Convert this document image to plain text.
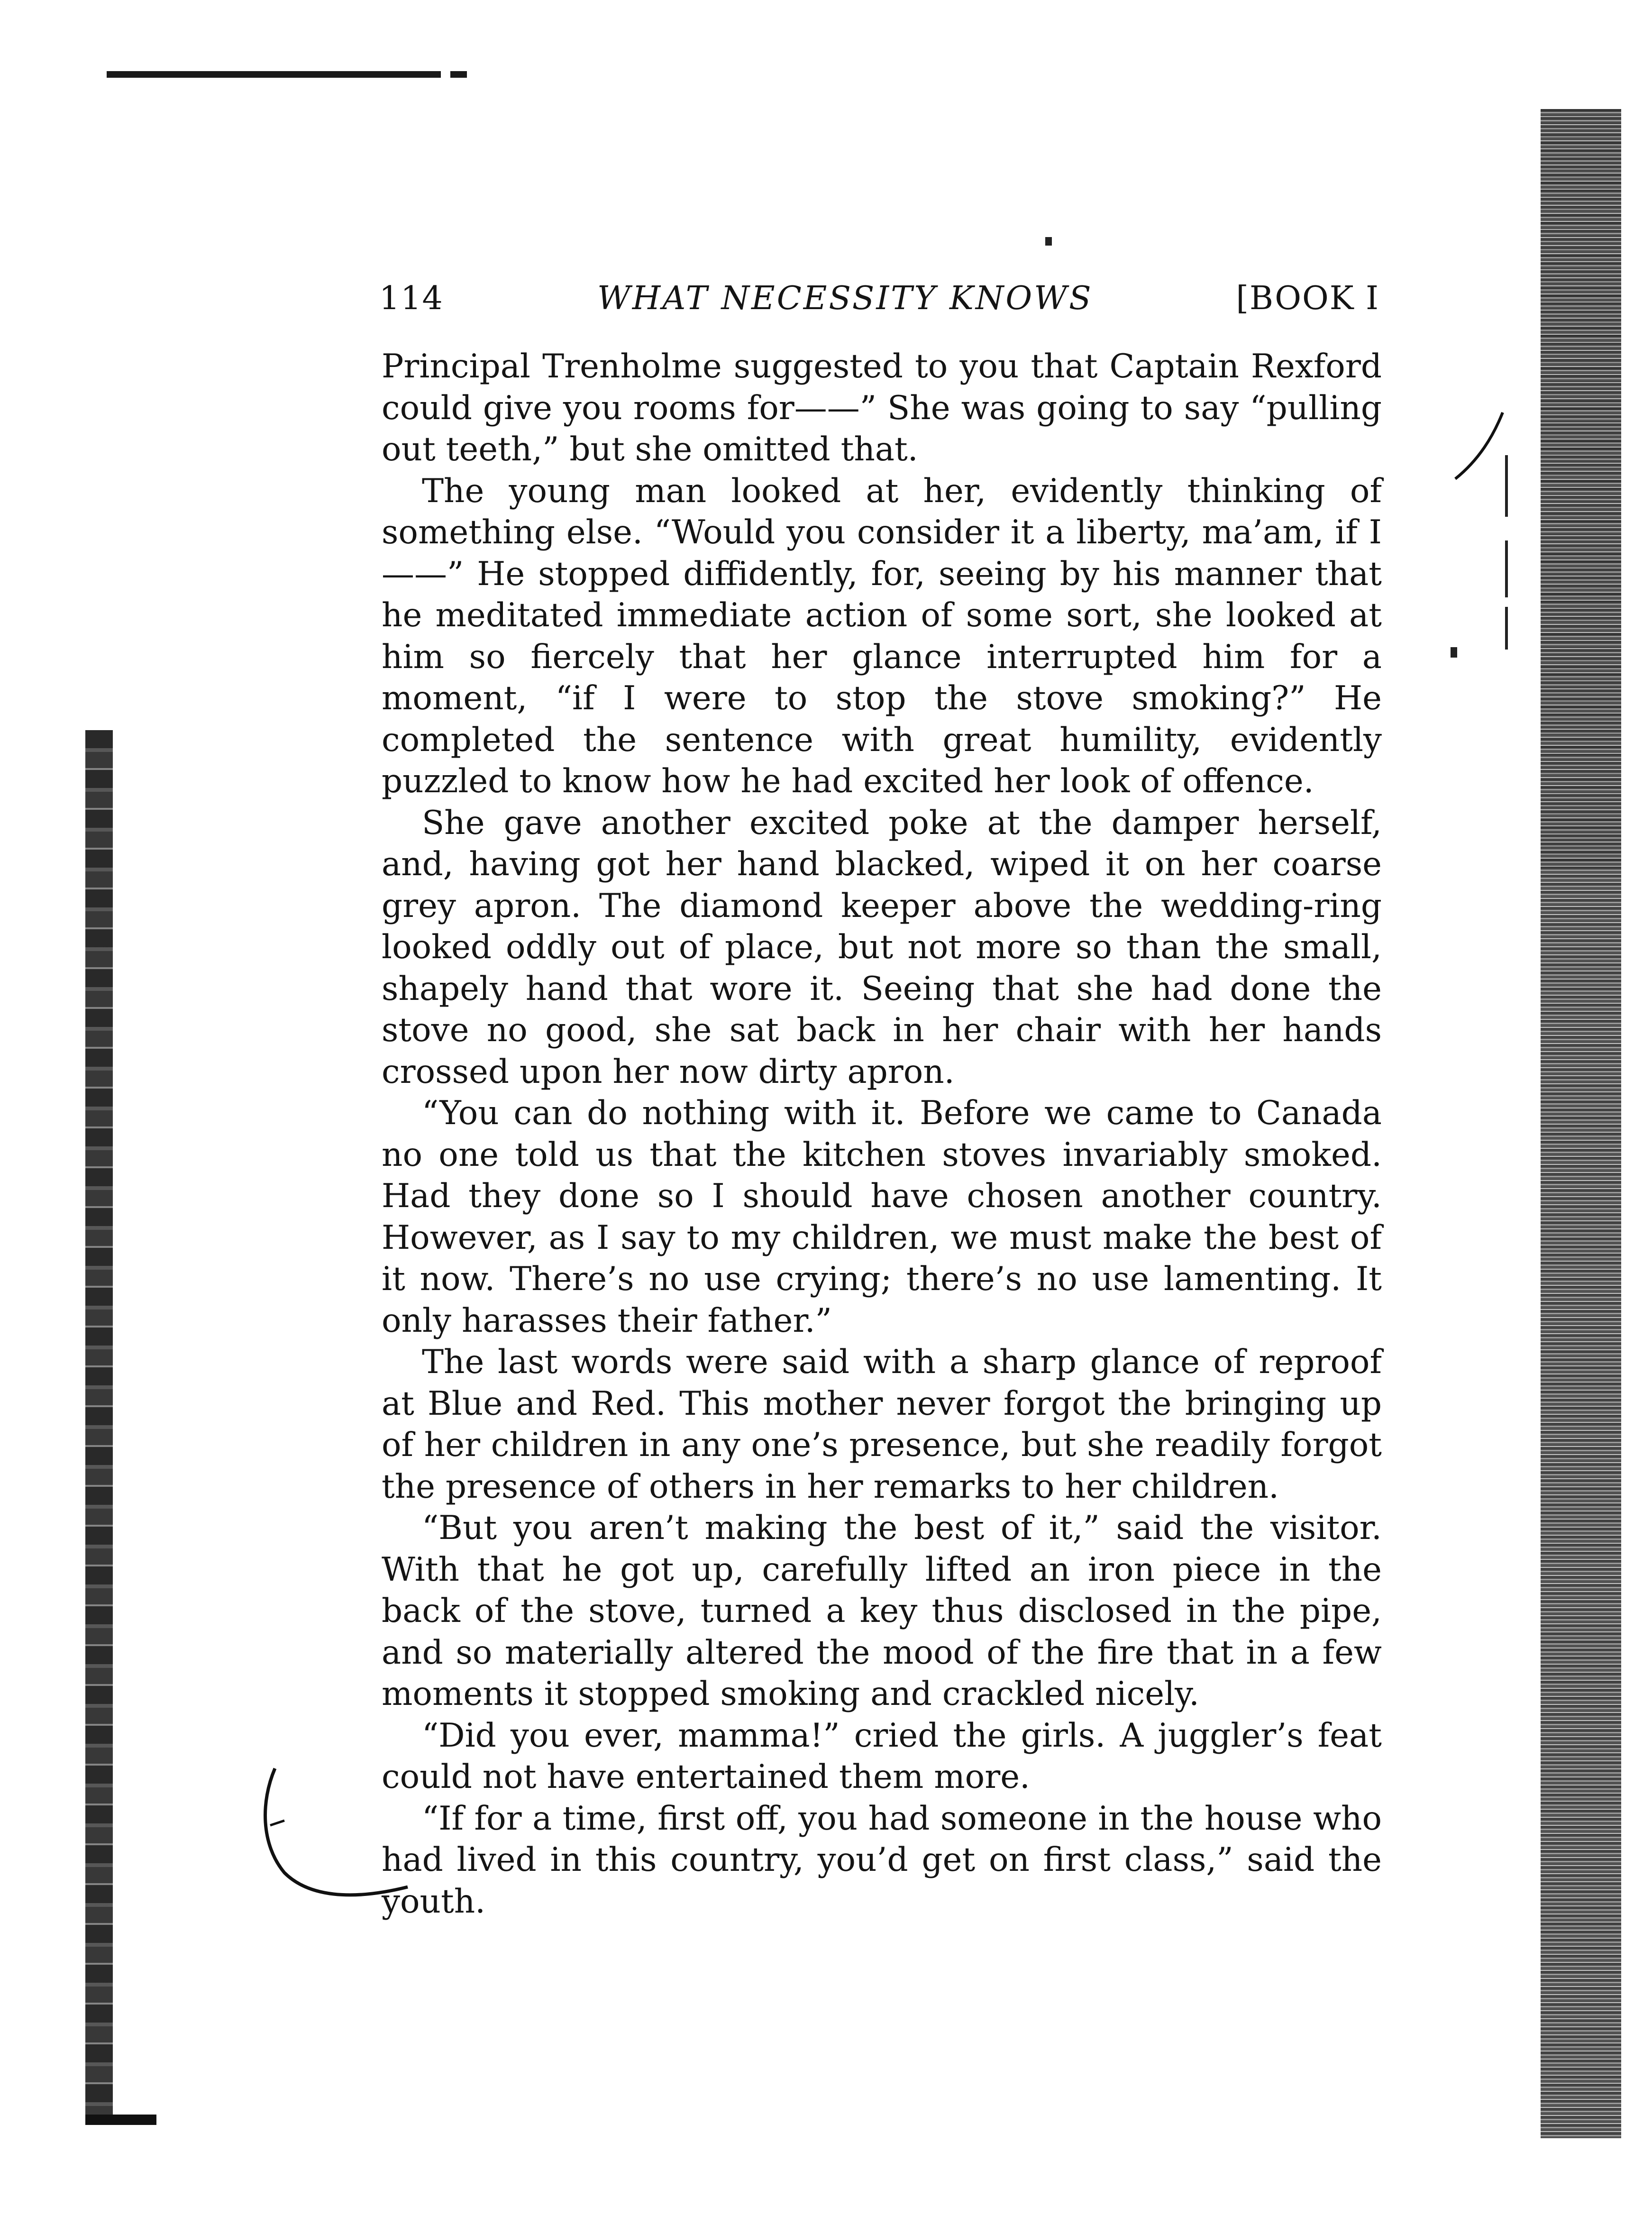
114	WHAT NECESSITY KNOWS	[BOOK I

Principal Trenholme suggested to you that Captain Rexford could give you rooms for——” She was going to say “pulling out teeth,” but she omitted that.

The young man looked at her, evidently thinking of something else. “Would you consider it a liberty, ma’am, if I——” He stopped diffidently, for, seeing by his manner that he meditated immediate action of some sort, she looked at him so fiercely that her glance interrupted him for a moment, “if I were to stop the stove smoking?” He completed the sentence with great humility, evidently puzzled to know how he had excited her look of offence.

She gave another excited poke at the damper herself, and, having got her hand blacked, wiped it on her coarse grey apron. The diamond keeper above the wedding-ring looked oddly out of place, but not more so than the small, shapely hand that wore it. Seeing that she had done the stove no good, she sat back in her chair with her hands crossed upon her now dirty apron.

“You can do nothing with it. Before we came to Canada no one told us that the kitchen stoves invariably smoked. Had they done so I should have chosen another country. However, as I say to my children, we must make the best of it now. There’s no use crying; there’s no use lamenting. It only harasses their father.”

The last words were said with a sharp glance of reproof at Blue and Red. This mother never forgot the bringing up of her children in any one’s presence, but she readily forgot the presence of others in her remarks to her children.

“But you aren’t making the best of it,” said the visitor. With that he got up, carefully lifted an iron piece in the back of the stove, turned a key thus disclosed in the pipe, and so materially altered the mood of the fire that in a few moments it stopped smoking and crackled nicely.

“Did you ever, mamma!” cried the girls. A juggler’s feat could not have entertained them more.

“If for a time, first off, you had someone in the house who had lived in this country, you’d get on first class,” said the youth.
